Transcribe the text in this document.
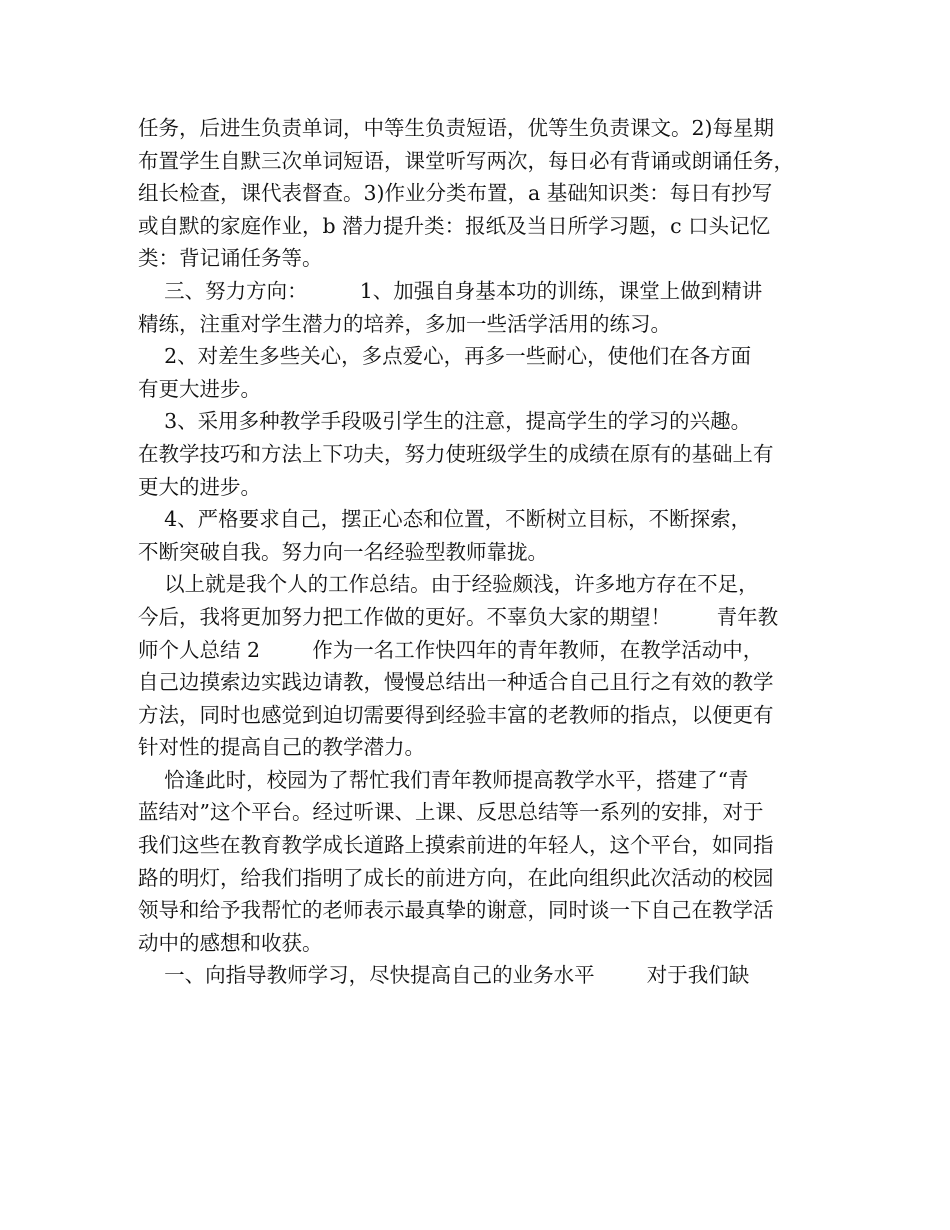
任务，后进生负责单词，中等生负责短语，优等生负责课文。2)每星期
布置学生自默三次单词短语，课堂听写两次，每日必有背诵或朗诵任务，
组长检查，课代表督查。3)作业分类布置，a 基础知识类：每日有抄写
或自默的家庭作业，b 潜力提升类：报纸及当日所学习题，c 口头记忆
类：背记诵任务等。
三、努力方向：        1、加强自身基本功的训练，课堂上做到精讲
精练，注重对学生潜力的培养，多加一些活学活用的练习。
2、对差生多些关心，多点爱心，再多一些耐心，使他们在各方面
有更大进步。
3、采用多种教学手段吸引学生的注意，提高学生的学习的兴趣。
在教学技巧和方法上下功夫，努力使班级学生的成绩在原有的基础上有
更大的进步。
4、严格要求自己，摆正心态和位置，不断树立目标，不断探索，
不断突破自我。努力向一名经验型教师靠拢。
以上就是我个人的工作总结。由于经验颇浅，许多地方存在不足，
今后，我将更加努力把工作做的更好。不辜负大家的期望！       青年教
师个人总结 2        作为一名工作快四年的青年教师，在教学活动中，
自己边摸索边实践边请教，慢慢总结出一种适合自己且行之有效的教学
方法，同时也感觉到迫切需要得到经验丰富的老教师的指点，以便更有
针对性的提高自己的教学潜力。
恰逢此时，校园为了帮忙我们青年教师提高教学水平，搭建了“青
蓝结对”这个平台。经过听课、上课、反思总结等一系列的安排，对于
我们这些在教育教学成长道路上摸索前进的年轻人，这个平台，如同指
路的明灯，给我们指明了成长的前进方向，在此向组织此次活动的校园
领导和给予我帮忙的老师表示最真挚的谢意，同时谈一下自己在教学活
动中的感想和收获。
一、向指导教师学习，尽快提高自己的业务水平        对于我们缺
